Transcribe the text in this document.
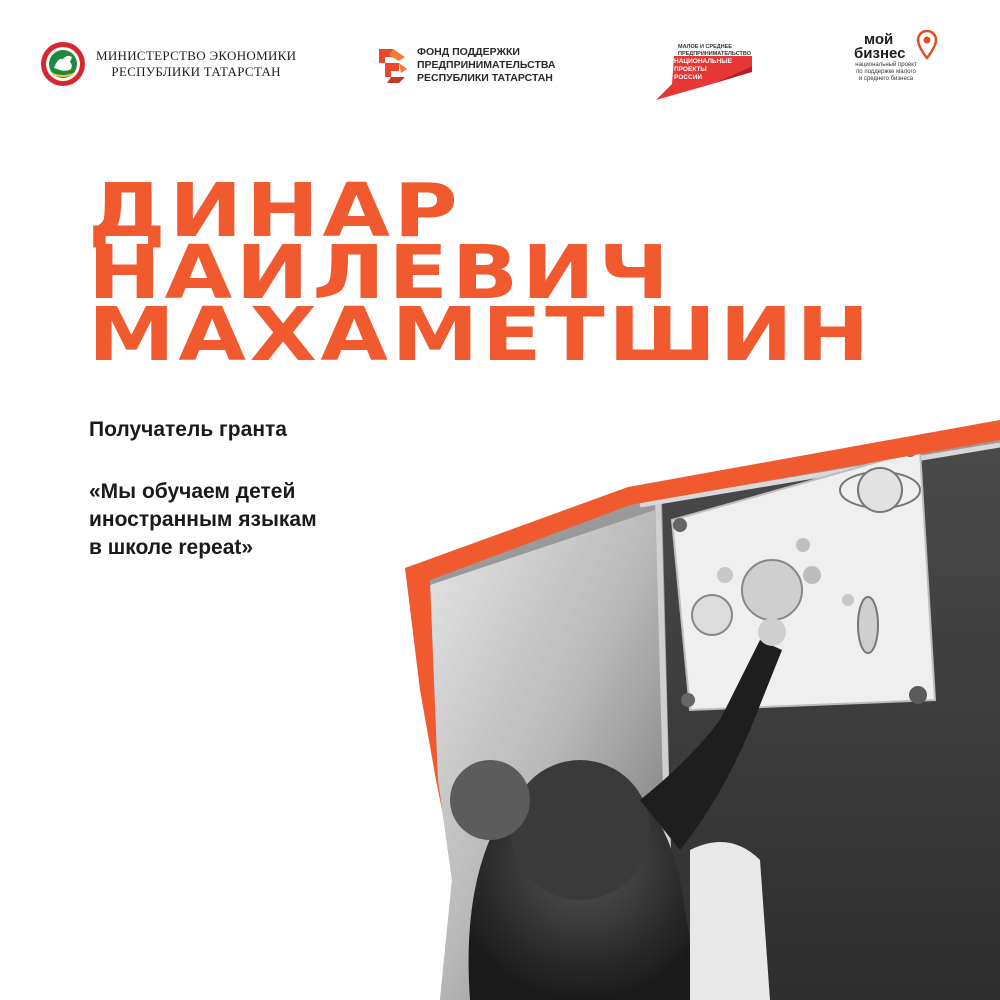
МИНИСТЕРСТВО ЭКОНОМИКИ
РЕСПУБЛИКИ ТАТАРСТАН
ФОНД ПОДДЕРЖКИ
ПРЕДПРИНИМАТЕЛЬСТВА
РЕСПУБЛИКИ ТАТАРСТАН
МАЛОЕ И СРЕДНЕЕ
ПРЕДПРИНИМАТЕЛЬСТВО
НАЦИОНАЛЬНЫЕ
ПРОЕКТЫ
РОССИИ
мой
бизнес
национальный проект
по поддержке малого
и среднего бизнеса
ДИНАР
НАИЛЕВИЧ
МАХАМЕТШИН
Получатель гранта
«Мы обучаем детей
иностранным языкам
в школе repeat»
